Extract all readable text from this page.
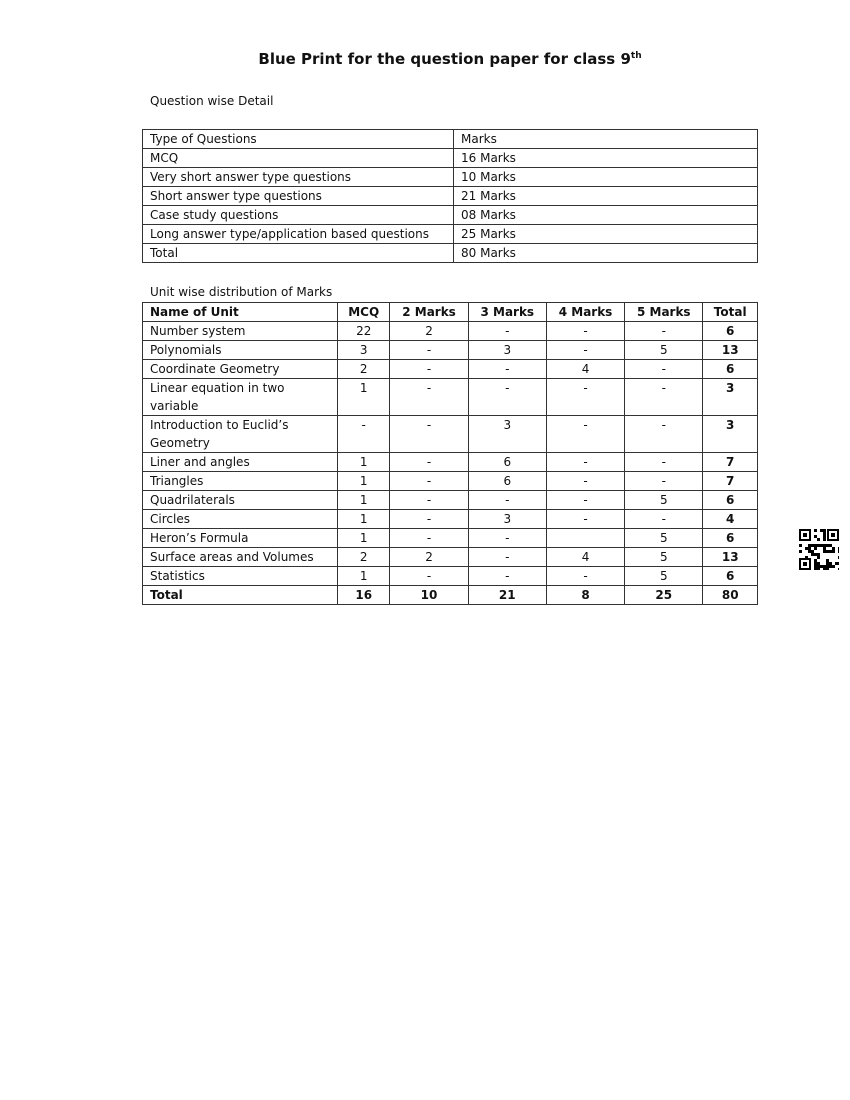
Blue Print for the question paper for class 9th
Question wise Detail
Type of Questions	Marks
MCQ	16 Marks
Very short answer type questions	10 Marks
Short answer type questions	21 Marks
Case study questions	08 Marks
Long answer type/application based questions	25 Marks
Total	80 Marks
Unit wise distribution of Marks
Name of Unit	MCQ	2 Marks	3 Marks	4 Marks	5 Marks	Total
Number system	22	2	-	-	-	6
Polynomials	3	-	3	-	5	13
Coordinate Geometry	2	-	-	4	-	6
Linear equation in two variable	1	-	-	-	-	3
Introduction to Euclid’s Geometry	-	-	3	-	-	3
Liner and angles	1	-	6	-	-	7
Triangles	1	-	6	-	-	7
Quadrilaterals	1	-	-	-	5	6
Circles	1	-	3	-	-	4
Heron’s Formula	1	-	-		5	6
Surface areas and Volumes	2	2	-	4	5	13
Statistics	1	-	-	-	5	6
Total	16	10	21	8	25	80
